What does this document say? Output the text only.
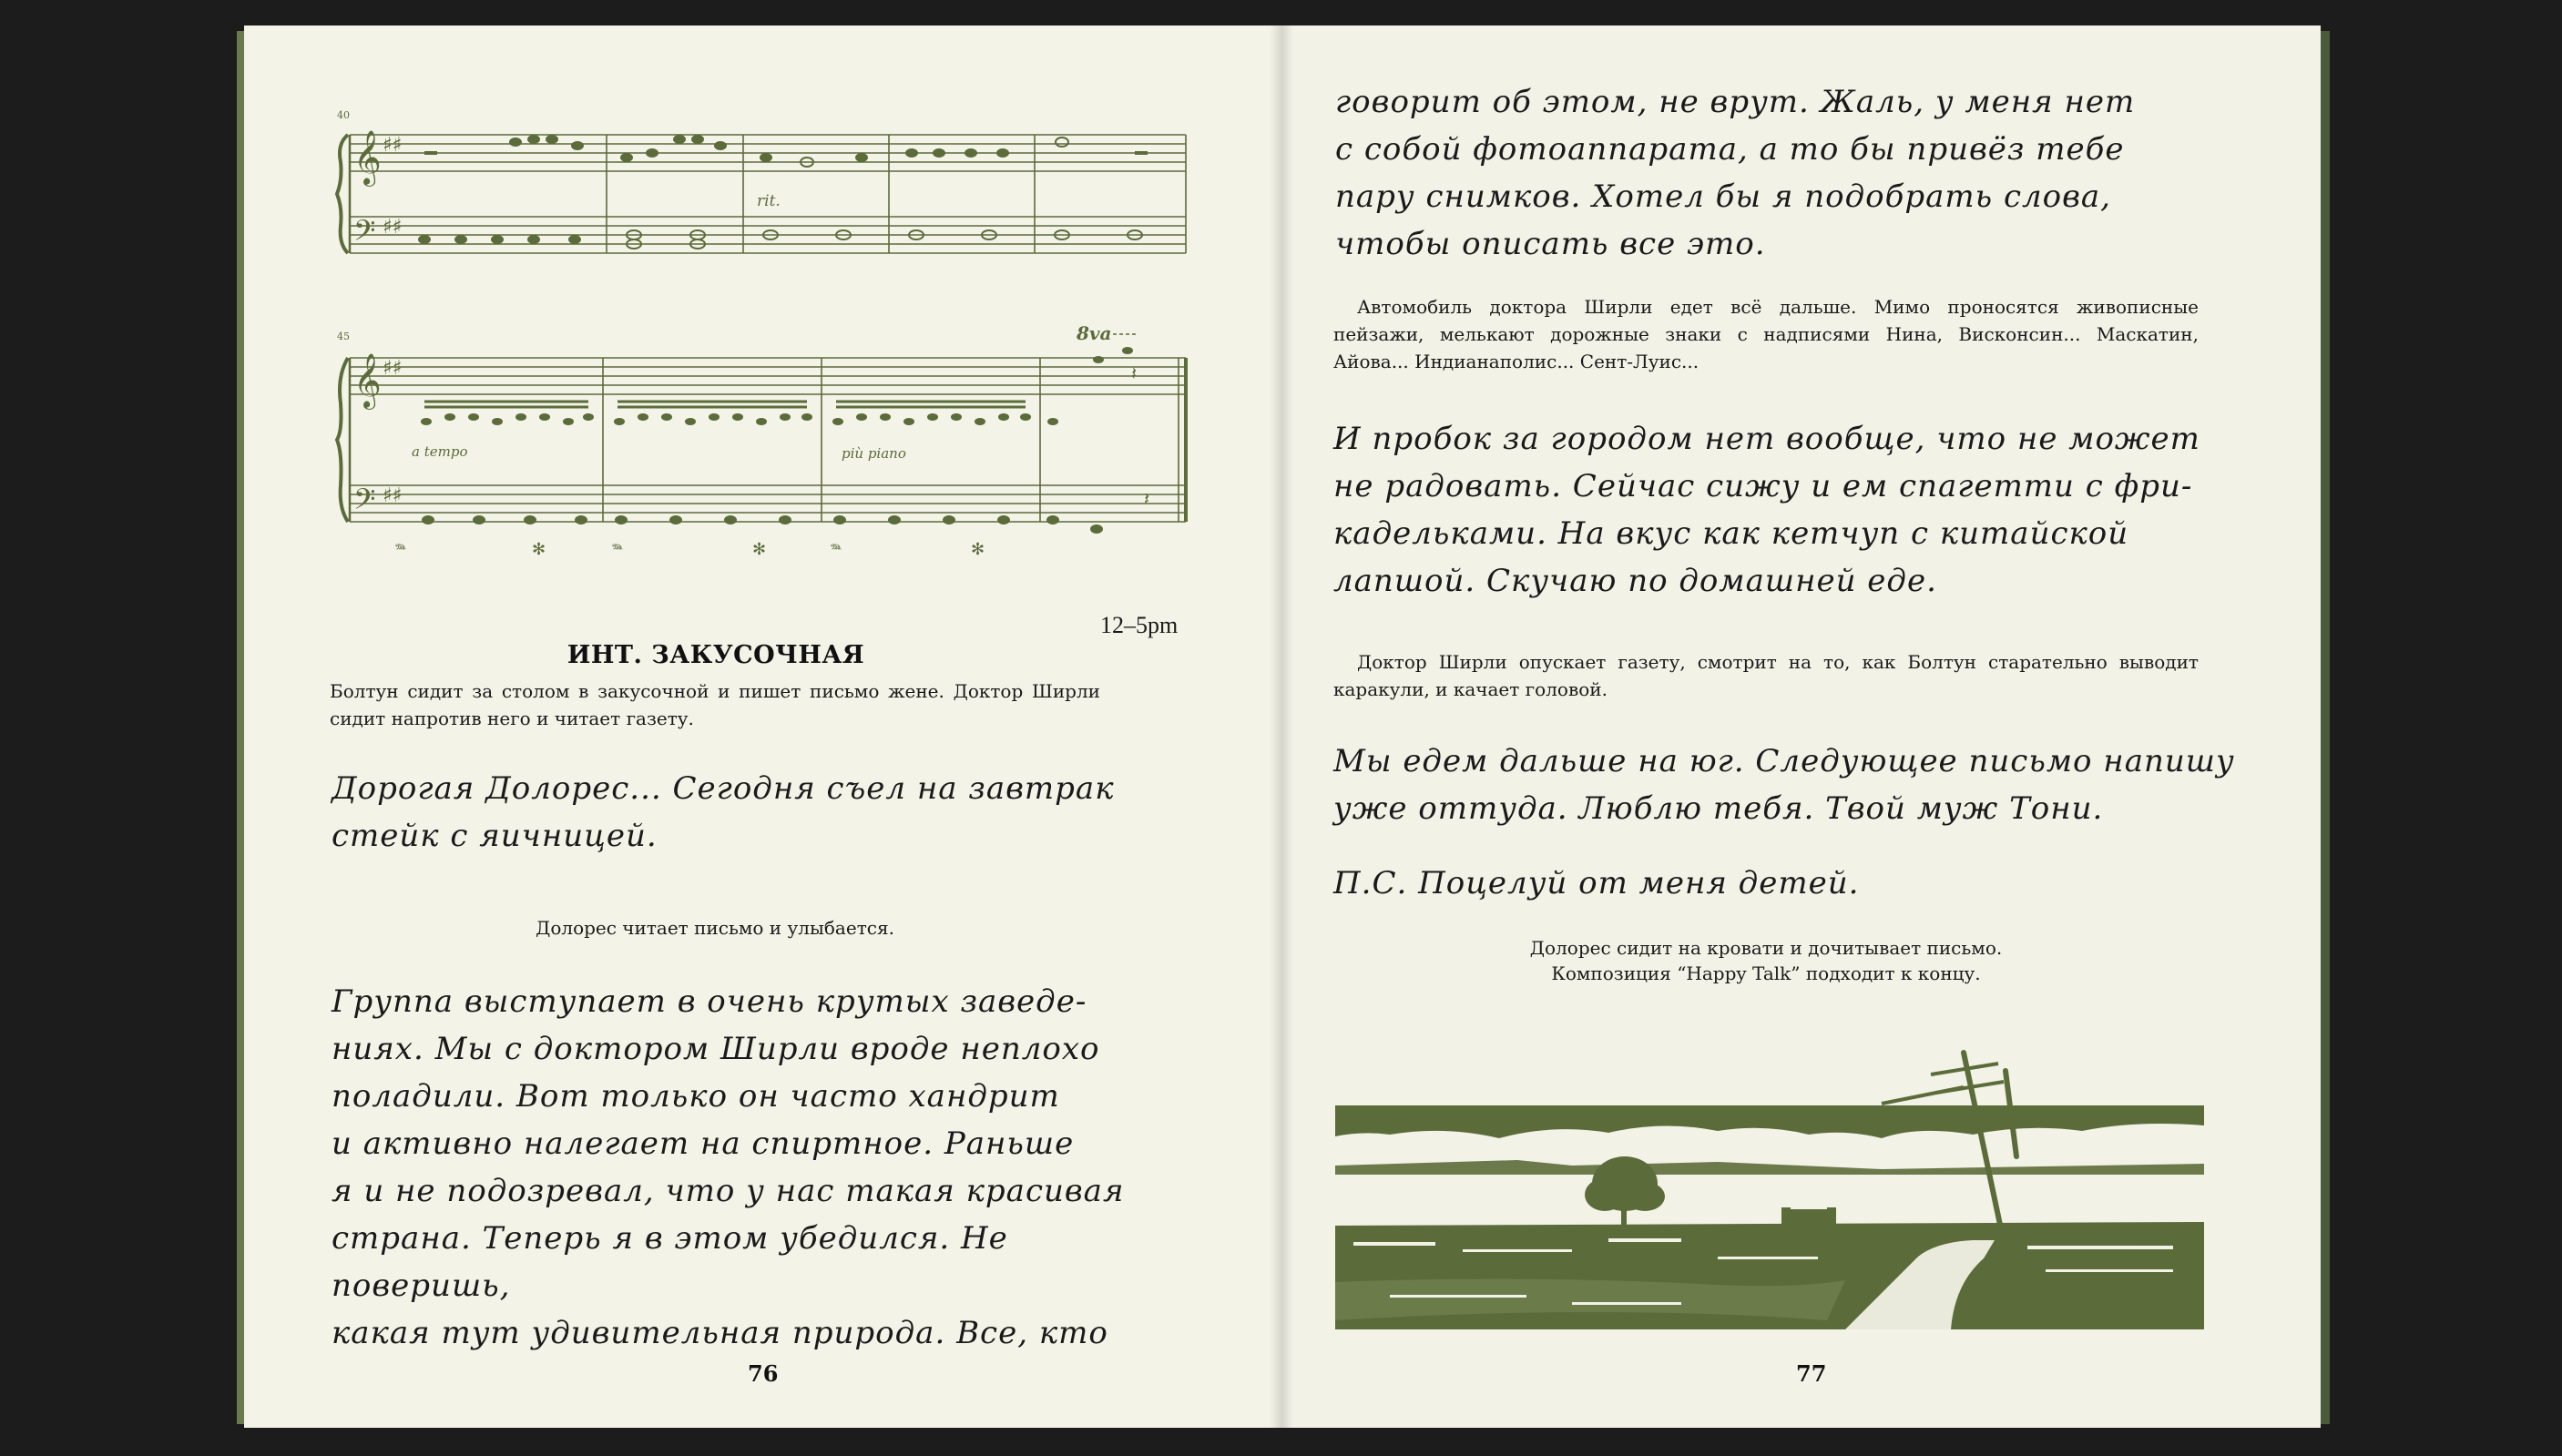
40
𝄞
𝄢
♯♯
♯♯
rit.
45
𝄞
𝄢
♯♯
♯♯
𝄽
𝄽
8va
a tempo	più piano
𝆮	✻	𝆮	✻	𝆮	✻
12–5pm
ИНТ. ЗАКУСОЧНАЯ
Болтун сидит за столом в закусочной и пишет письмо жене. Доктор Ширли сидит напротив него и читает газету.
Дорогая Долорес... Сегодня съел на завтрак
стейк с яичницей.
Долорес читает письмо и улыбается.
Группа выступает в очень крутых заведе-
ниях. Мы с доктором Ширли вроде неплохо
поладили. Вот только он часто хандрит
и активно налегает на спиртное. Раньше
я и не подозревал, что у нас такая красивая
страна. Теперь я в этом убедился. Не поверишь,
какая тут удивительная природа. Все, кто
76
говорит об этом, не врут. Жаль, у меня нет
с собой фотоаппарата, а то бы привёз тебе
пару снимков. Хотел бы я подобрать слова,
чтобы описать все это.
Автомобиль доктора Ширли едет всё дальше. Мимо проносятся живописные пейзажи, мелькают дорожные знаки с надписями Нина, Висконсин... Маскатин, Айова... Индианаполис... Сент-Луис...
И пробок за городом нет вообще, что не может
не радовать. Сейчас сижу и ем спагетти с фри-
кадельками. На вкус как кетчуп с китайской
лапшой. Скучаю по домашней еде.
Доктор Ширли опускает газету, смотрит на то, как Болтун старательно выводит каракули, и качает головой.
Мы едем дальше на юг. Следующее письмо напишу
уже оттуда. Люблю тебя. Твой муж Тони.
П.С. Поцелуй от меня детей.
Долорес сидит на кровати и дочитывает письмо.
Композиция “Happy Talk” подходит к концу.
77
